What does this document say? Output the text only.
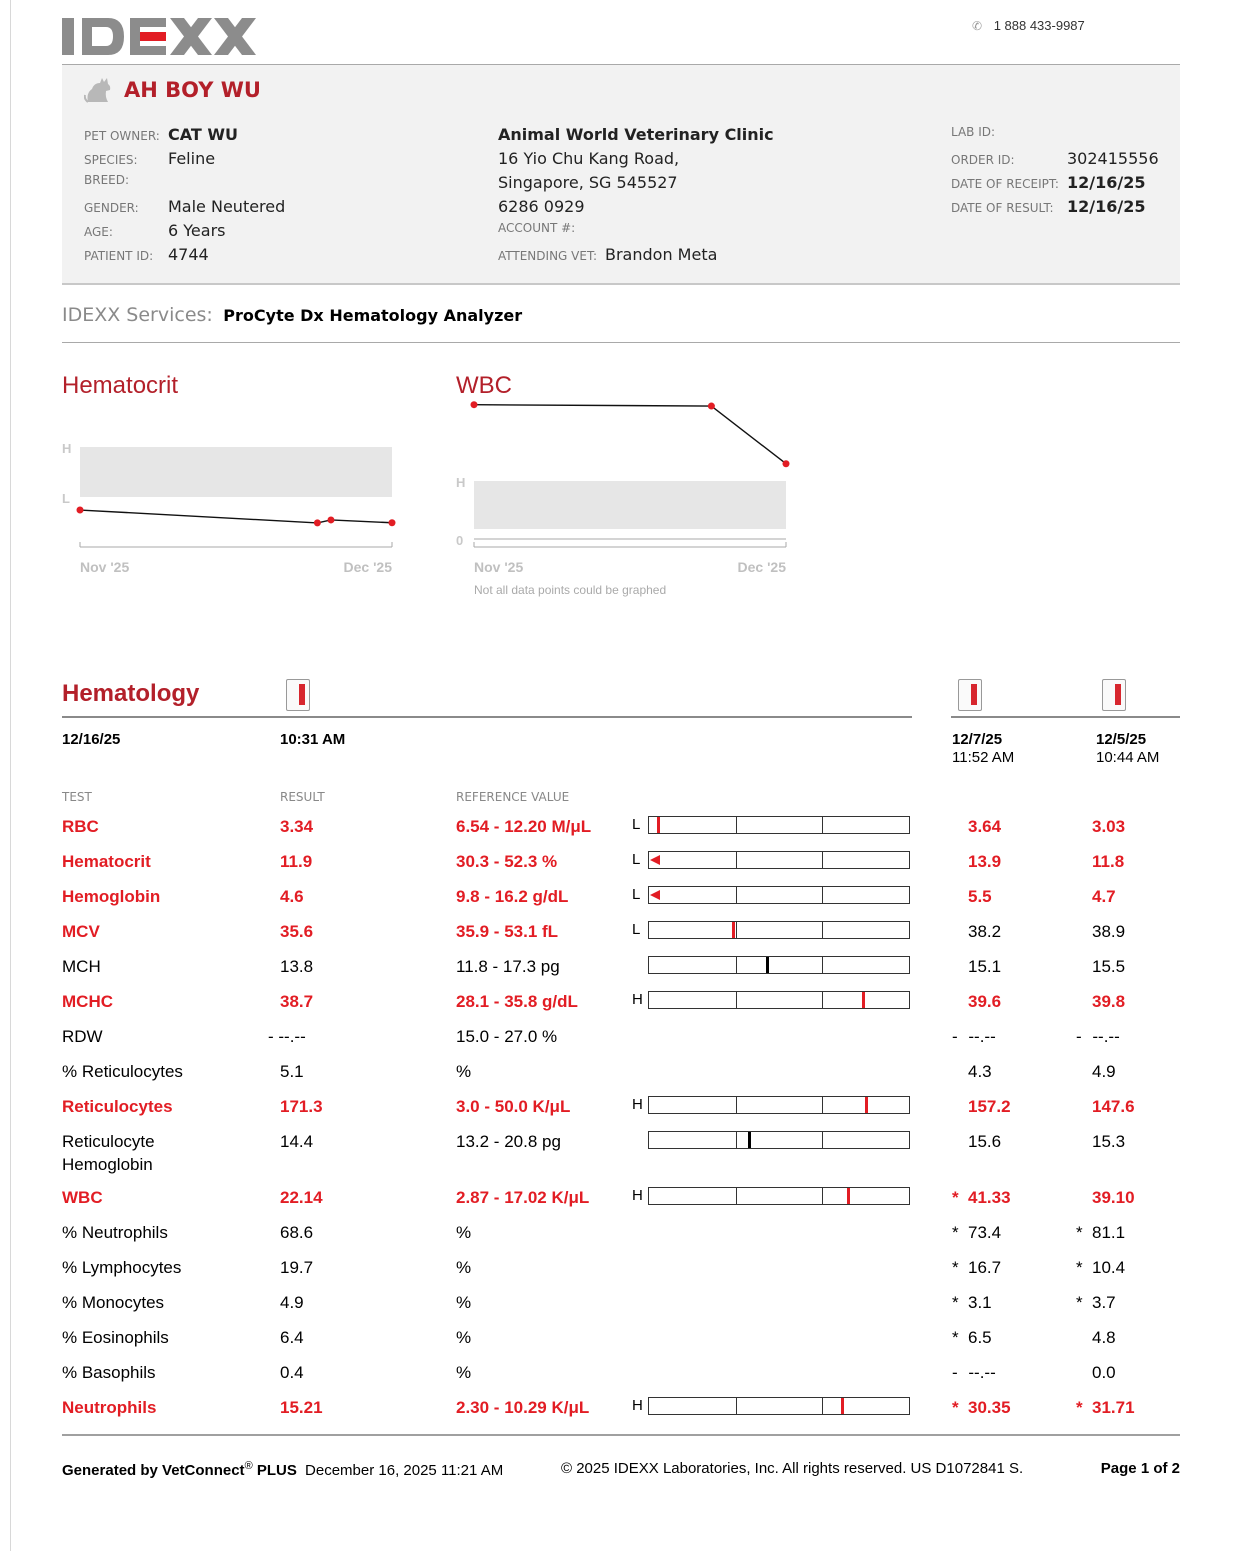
✆ 1 888 433-9987
AH BOY WU
PET OWNER: CAT WU
SPECIES:	Feline
BREED:
GENDER:	Male Neutered
AGE:	6 Years
PATIENT ID: 4744
Animal World Veterinary Clinic
16 Yio Chu Kang Road,
Singapore, SG 545527
6286 0929
ACCOUNT #:
ATTENDING VET: Brandon Meta
LAB ID:
ORDER ID:	302415556
DATE OF RECEIPT: 12/16/25
DATE OF RESULT: 12/16/25
IDEXX Services: ProCyte Dx Hematology Analyzer
Hematocrit	WBC
H
L
Nov '25	Dec '25
H
0
Nov '25	Dec '25
Not all data points could be graphed
Hematology
12/16/25	10:31 AM	12/7/25
11:52 AM
12/5/25
10:44 AM
TEST	RESULT	REFERENCE VALUE
RBC	3.34	6.54 - 12.20 M/μL	L	3.64	3.03
Hematocrit	11.9	30.3 - 52.3 %	L	13.9	11.8
Hemoglobin	4.6	9.8 - 16.2 g/dL	L	5.5	4.7
MCV	35.6	35.9 - 53.1 fL	L	38.2	38.9
MCH	13.8	11.8 - 17.3 pg	15.1	15.5
MCHC	38.7	28.1 - 35.8 g/dL	H	39.6	39.8
RDW	- --.--	15.0 - 27.0 %	- --.--	- --.--
% Reticulocytes	5.1	%	4.3	4.9
Reticulocytes	171.3	3.0 - 50.0 K/μL	H	157.2	147.6
Reticulocyte
Hemoglobin
14.4	13.2 - 20.8 pg	15.6	15.3
WBC	22.14	2.87 - 17.02 K/μL	H	* 41.33	39.10
% Neutrophils	68.6	%	* 73.4	* 81.1
% Lymphocytes	19.7	%	* 16.7	* 10.4
% Monocytes	4.9	%	* 3.1	* 3.7
% Eosinophils	6.4	%	* 6.5	4.8
% Basophils	0.4	%	- --.--	0.0
Neutrophils	15.21	2.30 - 10.29 K/μL	H	* 30.35	* 31.71
Generated by VetConnect® PLUS December 16, 2025 11:21 AM	© 2025 IDEXX Laboratories, Inc. All rights reserved. US D1072841 S.	Page 1 of 2
